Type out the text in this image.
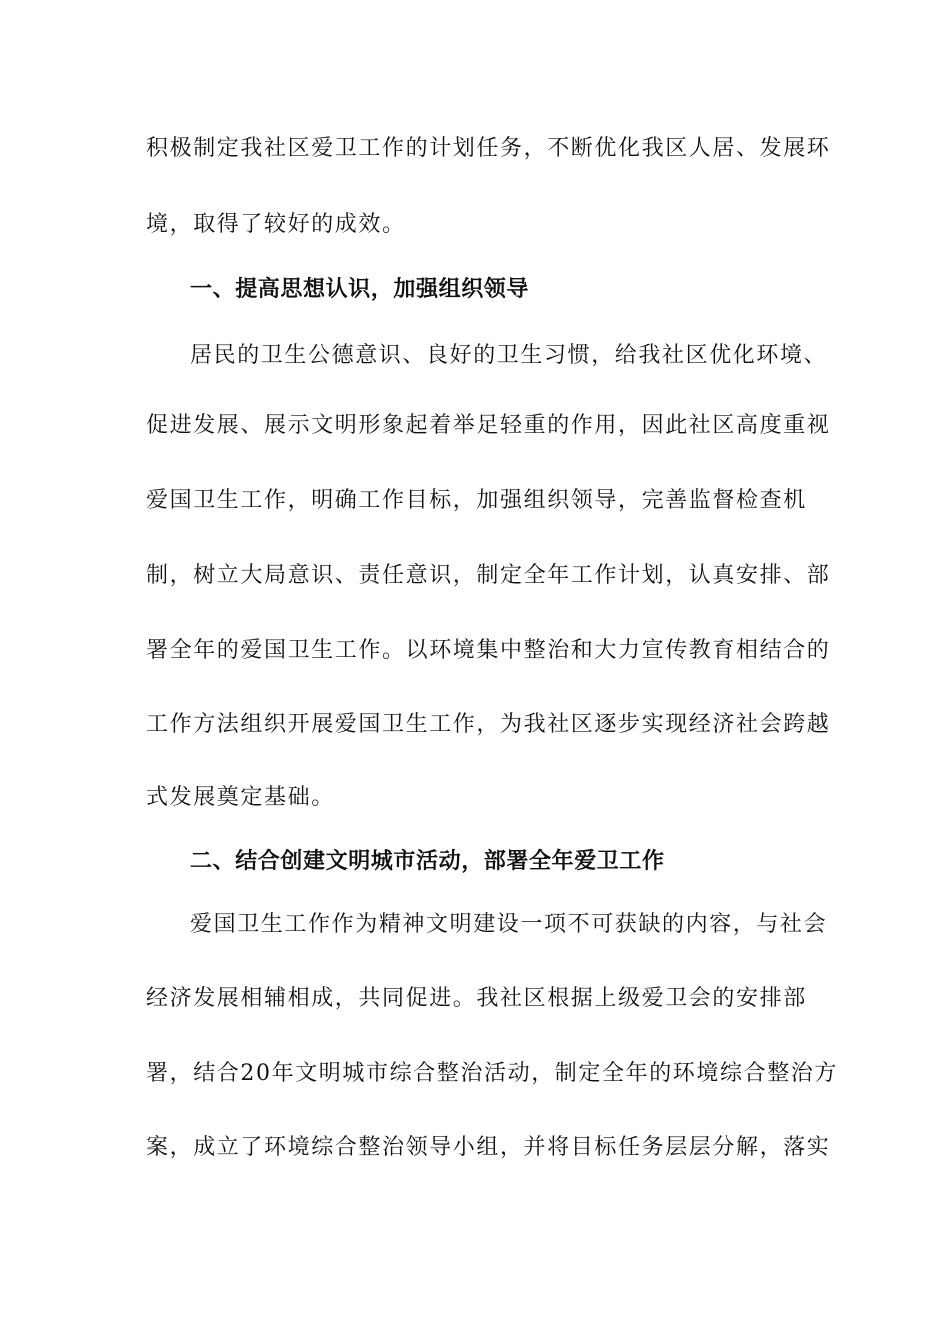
积极制定我社区爱卫工作的计划任务，不断优化我区人居、发展环
境，取得了较好的成效。
一、提高思想认识，加强组织领导
居民的卫生公德意识、良好的卫生习惯，给我社区优化环境、
促进发展、展示文明形象起着举足轻重的作用，因此社区高度重视
爱国卫生工作，明确工作目标，加强组织领导，完善监督检查机
制，树立大局意识、责任意识，制定全年工作计划，认真安排、部
署全年的爱国卫生工作。以环境集中整治和大力宣传教育相结合的
工作方法组织开展爱国卫生工作，为我社区逐步实现经济社会跨越
式发展奠定基础。
二、结合创建文明城市活动，部署全年爱卫工作
爱国卫生工作作为精神文明建设一项不可获缺的内容，与社会
经济发展相辅相成，共同促进。我社区根据上级爱卫会的安排部
署，结合20年文明城市综合整治活动，制定全年的环境综合整治方
案，成立了环境综合整治领导小组，并将目标任务层层分解，落实
